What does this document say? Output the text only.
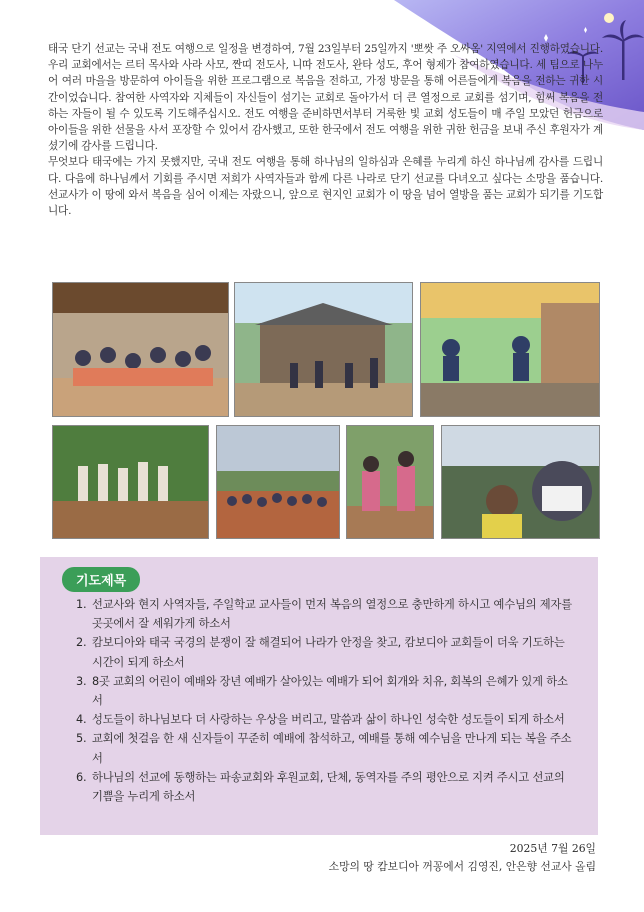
태국 단기 선교는 국내 전도 여행으로 일정을 변경하여, 7월 23일부터 25일까지 '뽀쌋 주 오싸옴' 지역에서 진행하였습니다. 우리 교회에서는 르터 목사와 사라 사모, 짠띠 전도사, 니따 전도사, 완타 성도, 후어 형제가 참여하였습니다. 세 팀으로 나누어 여러 마을을 방문하여 아이들을 위한 프로그램으로 복음을 전하고, 가정 방문을 통해 어른들에게 복음을 전하는 귀한 시간이었습니다. 참여한 사역자와 지체들이 자신들이 섬기는 교회로 돌아가서 더 큰 열정으로 교회를 섬기며, 힘써 복음을 전하는 자들이 될 수 있도록 기도해주십시오. 전도 여행을 준비하면서부터 거룩한 빛 교회 성도들이 매 주일 모았던 헌금으로 아이들을 위한 선물을 사서 포장할 수 있어서 감사했고, 또한 한국에서 전도 여행을 위한 귀한 헌금을 보내 주신 후원자가 계셨기에 감사를 드립니다.

무엇보다 태국에는 가지 못했지만, 국내 전도 여행을 통해 하나님의 일하심과 은혜를 누리게 하신 하나님께 감사를 드립니다. 다음에 하나님께서 기회를 주시면 저희가 사역자들과 함께 다른 나라로 단기 선교를 다녀오고 싶다는 소망을 품습니다. 선교사가 이 땅에 와서 복음을 심어 이제는 자랐으니, 앞으로 현지인 교회가 이 땅을 넘어 열방을 품는 교회가 되기를 기도합니다.

기도제목
1. 선교사와 현지 사역자들, 주일학교 교사들이 먼저 복음의 열정으로 충만하게 하시고 예수님의 제자를 곳곳에서 잘 세워가게 하소서
2. 캄보디아와 태국 국경의 분쟁이 잘 해결되어 나라가 안정을 찾고, 캄보디아 교회들이 더욱 기도하는 시간이 되게 하소서
3. 8곳 교회의 어린이 예배와 장년 예배가 살아있는 예배가 되어 회개와 치유, 회복의 은혜가 있게 하소서
4. 성도들이 하나님보다 더 사랑하는 우상을 버리고, 말씀과 삶이 하나인 성숙한 성도들이 되게 하소서
5. 교회에 첫걸음 한 새 신자들이 꾸준히 예배에 참석하고, 예배를 통해 예수님을 만나게 되는 복을 주소서
6. 하나님의 선교에 동행하는 파송교회와 후원교회, 단체, 동역자를 주의 평안으로 지켜 주시고 선교의 기쁨을 누리게 하소서
2025년 7월 26일
소망의 땅 캄보디아 꺼꽁에서 김영진, 안은향 선교사 올림
